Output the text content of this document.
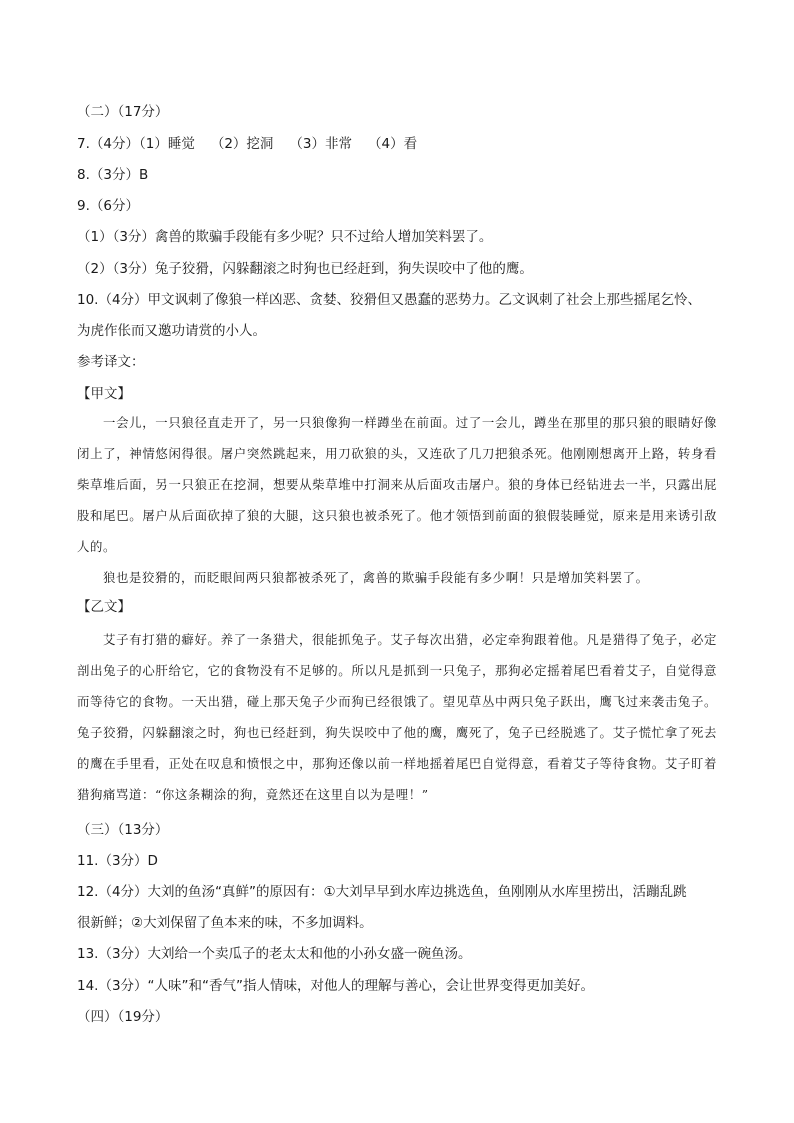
（二）（17分）
7.（4分）（1）睡觉 （2）挖洞 （3）非常 （4）看
8.（3分）B
9.（6分）
（1）（3分）禽兽的欺骗手段能有多少呢？只不过给人增加笑料罢了。
（2）（3分）兔子狡猾，闪躲翻滚之时狗也已经赶到，狗失误咬中了他的鹰。
10.（4分）甲文讽刺了像狼一样凶恶、贪婪、狡猾但又愚蠢的恶势力。乙文讽刺了社会上那些摇尾乞怜、
为虎作伥而又邀功请赏的小人。
参考译文：
【甲文】

一会儿，一只狼径直走开了，另一只狼像狗一样蹲坐在前面。过了一会儿，蹲坐在那里的那只狼的眼睛好像闭上了，神情悠闲得很。屠户突然跳起来，用刀砍狼的头，又连砍了几刀把狼杀死。他刚刚想离开上路，转身看柴草堆后面，另一只狼正在挖洞，想要从柴草堆中打洞来从后面攻击屠户。狼的身体已经钻进去一半，只露出屁股和尾巴。屠户从后面砍掉了狼的大腿，这只狼也被杀死了。他才领悟到前面的狼假装睡觉，原来是用来诱引敌人的。

狼也是狡猾的，而眨眼间两只狼都被杀死了，禽兽的欺骗手段能有多少啊！只是增加笑料罢了。

【乙文】

艾子有打猎的癖好。养了一条猎犬，很能抓兔子。艾子每次出猎，必定牵狗跟着他。凡是猎得了兔子，必定剖出兔子的心肝给它，它的食物没有不足够的。所以凡是抓到一只兔子，那狗必定摇着尾巴看着艾子，自觉得意而等待它的食物。一天出猎，碰上那天兔子少而狗已经很饿了。望见草丛中两只兔子跃出，鹰飞过来袭击兔子。兔子狡猾，闪躲翻滚之时，狗也已经赶到，狗失误咬中了他的鹰，鹰死了，兔子已经脱逃了。艾子慌忙拿了死去的鹰在手里看，正处在叹息和愤恨之中，那狗还像以前一样地摇着尾巴自觉得意，看着艾子等待食物。艾子盯着猎狗痛骂道：“你这条糊涂的狗，竟然还在这里自以为是哩！”

（三）（13分）
11.（3分）D
12.（4分）大刘的鱼汤“真鲜”的原因有：①大刘早早到水库边挑选鱼，鱼刚刚从水库里捞出，活蹦乱跳
很新鲜；②大刘保留了鱼本来的味，不多加调料。
13.（3分）大刘给一个卖瓜子的老太太和他的小孙女盛一碗鱼汤。
14.（3分）“人味”和“香气”指人情味，对他人的理解与善心，会让世界变得更加美好。
（四）（19分）
